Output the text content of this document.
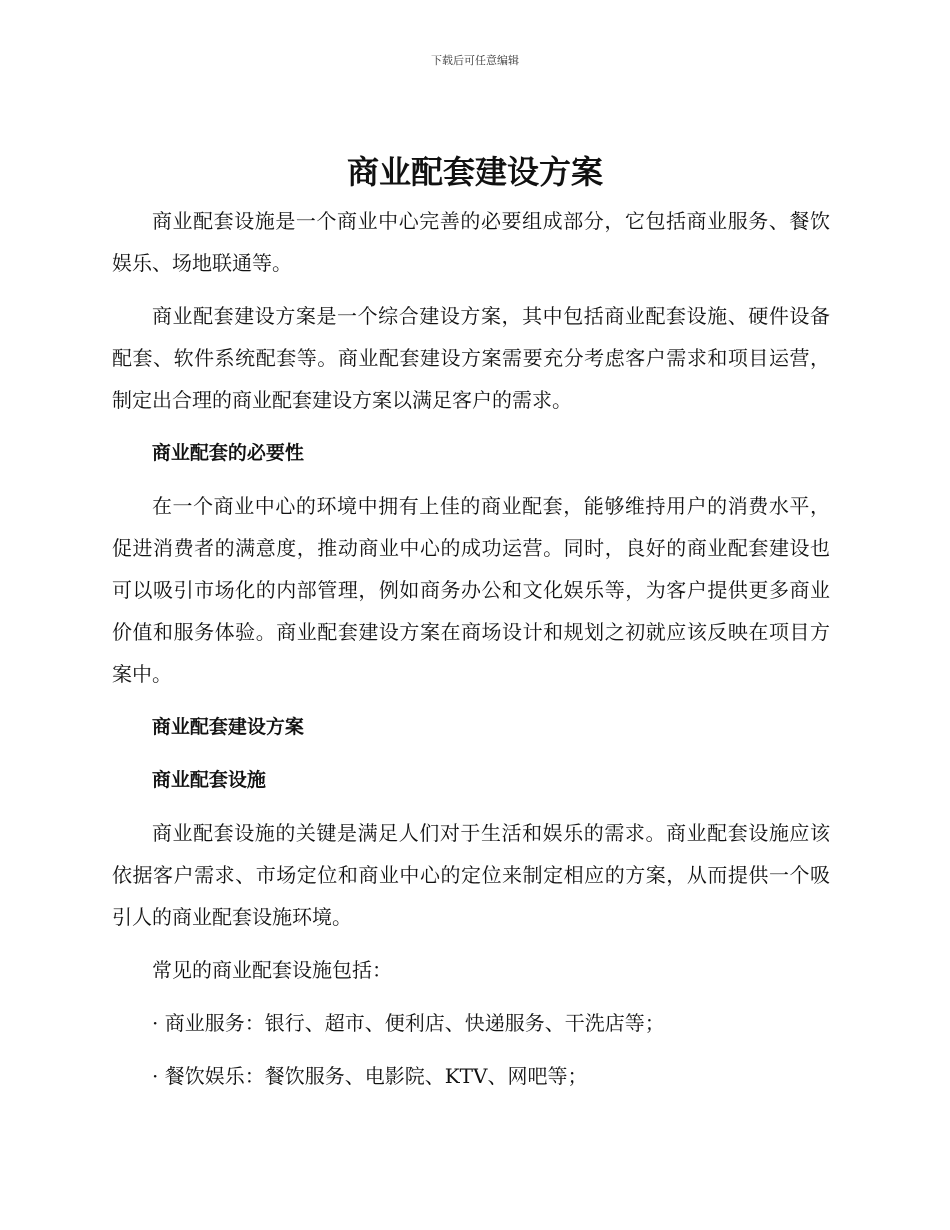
下载后可任意编辑
商业配套建设方案

商业配套设施是一个商业中心完善的必要组成部分，它包括商业服务、餐饮娱乐、场地联通等。

商业配套建设方案是一个综合建设方案，其中包括商业配套设施、硬件设备配套、软件系统配套等。商业配套建设方案需要充分考虑客户需求和项目运营，制定出合理的商业配套建设方案以满足客户的需求。

商业配套的必要性

在一个商业中心的环境中拥有上佳的商业配套，能够维持用户的消费水平，促进消费者的满意度，推动商业中心的成功运营。同时，良好的商业配套建设也可以吸引市场化的内部管理，例如商务办公和文化娱乐等，为客户提供更多商业价值和服务体验。商业配套建设方案在商场设计和规划之初就应该反映在项目方案中。

商业配套建设方案
商业配套设施

商业配套设施的关键是满足人们对于生活和娱乐的需求。商业配套设施应该依据客户需求、市场定位和商业中心的定位来制定相应的方案，从而提供一个吸引人的商业配套设施环境。

常见的商业配套设施包括：

· 商业服务：银行、超市、便利店、快递服务、干洗店等；

· 餐饮娱乐：餐饮服务、电影院、KTV、网吧等；
